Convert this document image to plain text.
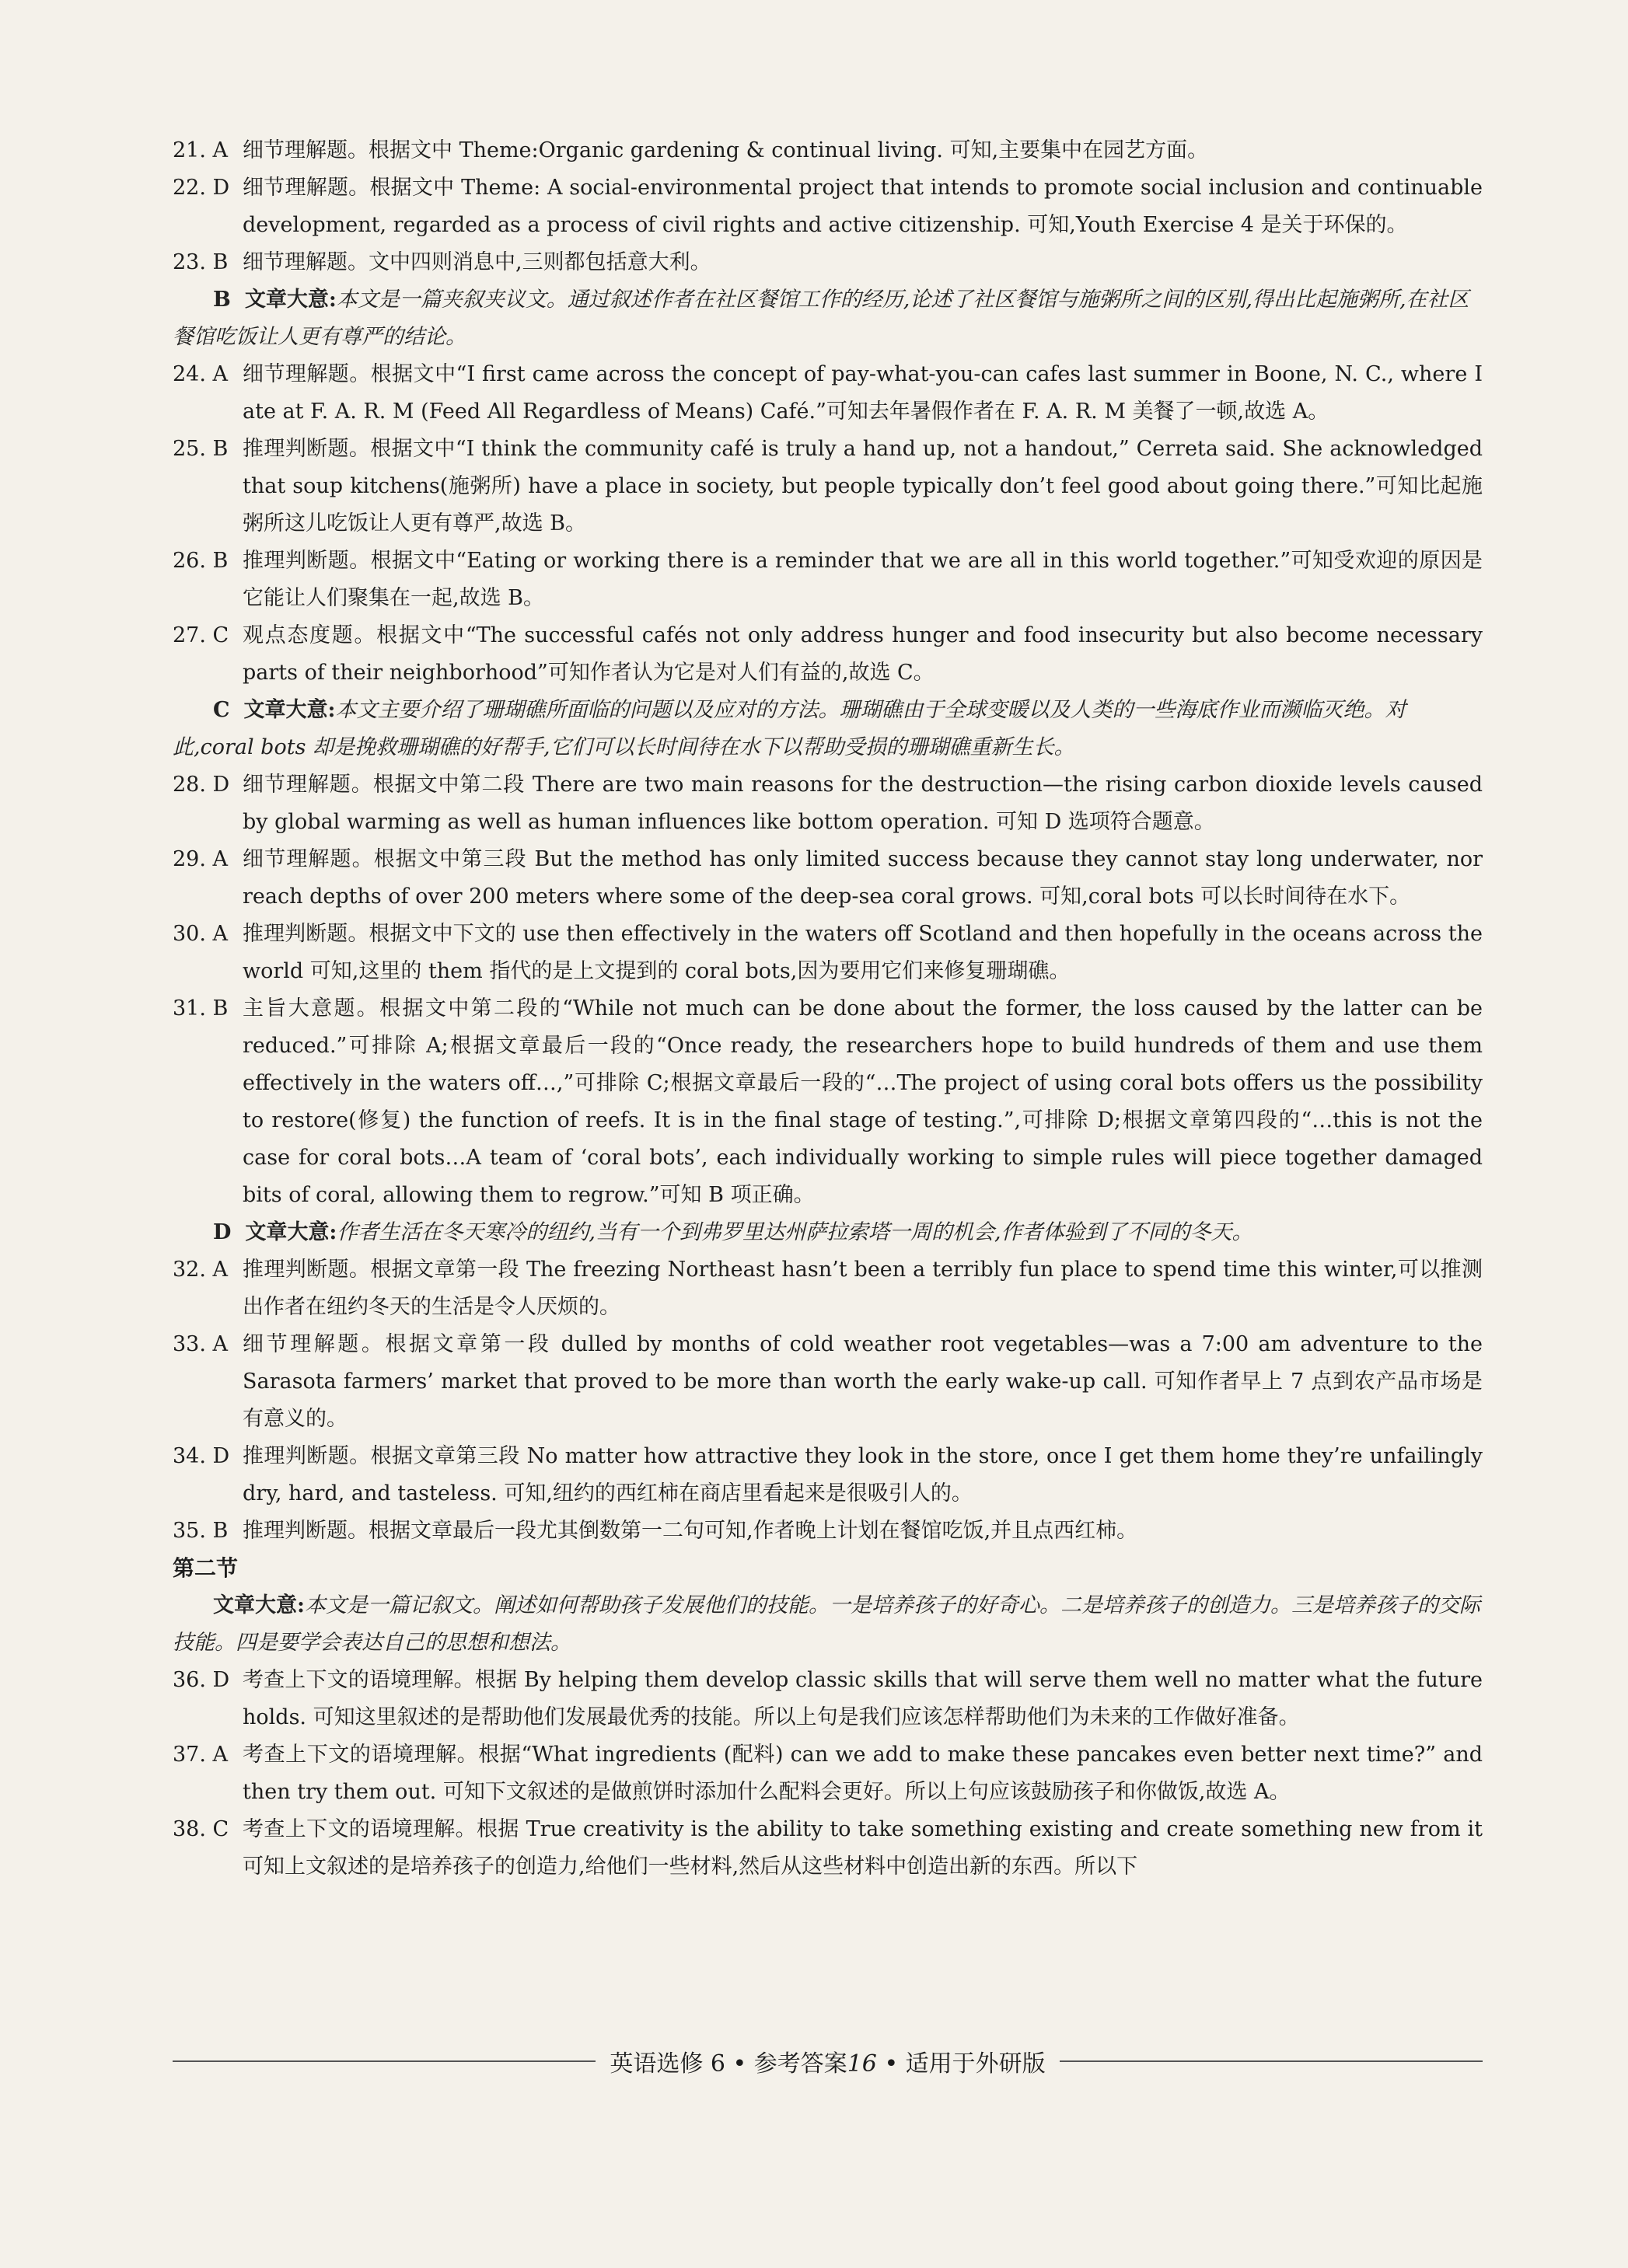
21. A 细节理解题。根据文中 Theme:Organic gardening & continual living. 可知,主要集中在园艺方面。
22. D 细节理解题。根据文中 Theme: A social-environmental project that intends to promote social inclusion and continuable development, regarded as a process of civil rights and active citizenship. 可知,Youth Exercise 4 是关于环保的。
23. B 细节理解题。文中四则消息中,三则都包括意大利。

B 文章大意:本文是一篇夹叙夹议文。通过叙述作者在社区餐馆工作的经历,论述了社区餐馆与施粥所之间的区别,得出比起施粥所,在社区餐馆吃饭让人更有尊严的结论。

24. A 细节理解题。根据文中“I first came across the concept of pay-what-you-can cafes last summer in Boone, N. C., where I ate at F. A. R. M (Feed All Regardless of Means) Café.”可知去年暑假作者在 F. A. R. M 美餐了一顿,故选 A。
25. B 推理判断题。根据文中“I think the community café is truly a hand up, not a handout,” Cerreta said. She acknowledged that soup kitchens(施粥所) have a place in society, but people typically don’t feel good about going there.”可知比起施粥所这儿吃饭让人更有尊严,故选 B。
26. B 推理判断题。根据文中“Eating or working there is a reminder that we are all in this world together.”可知受欢迎的原因是它能让人们聚集在一起,故选 B。
27. C 观点态度题。根据文中“The successful cafés not only address hunger and food insecurity but also become necessary parts of their neighborhood”可知作者认为它是对人们有益的,故选 C。

C 文章大意:本文主要介绍了珊瑚礁所面临的问题以及应对的方法。珊瑚礁由于全球变暖以及人类的一些海底作业而濒临灭绝。对此,coral bots 却是挽救珊瑚礁的好帮手,它们可以长时间待在水下以帮助受损的珊瑚礁重新生长。

28. D 细节理解题。根据文中第二段 There are two main reasons for the destruction—the rising carbon dioxide levels caused by global warming as well as human influences like bottom operation. 可知 D 选项符合题意。
29. A 细节理解题。根据文中第三段 But the method has only limited success because they cannot stay long underwater, nor reach depths of over 200 meters where some of the deep-sea coral grows. 可知,coral bots 可以长时间待在水下。
30. A 推理判断题。根据文中下文的 use then effectively in the waters off Scotland and then hopefully in the oceans across the world 可知,这里的 them 指代的是上文提到的 coral bots,因为要用它们来修复珊瑚礁。
31. B 主旨大意题。根据文中第二段的“While not much can be done about the former, the loss caused by the latter can be reduced.”可排除 A;根据文章最后一段的“Once ready, the researchers hope to build hundreds of them and use them effectively in the waters off…,”可排除 C;根据文章最后一段的“…The project of using coral bots offers us the possibility to restore(修复) the function of reefs. It is in the final stage of testing.”,可排除 D;根据文章第四段的“…this is not the case for coral bots…A team of ‘coral bots’, each individually working to simple rules will piece together damaged bits of coral, allowing them to regrow.”可知 B 项正确。

D 文章大意:作者生活在冬天寒冷的纽约,当有一个到弗罗里达州萨拉索塔一周的机会,作者体验到了不同的冬天。

32. A 推理判断题。根据文章第一段 The freezing Northeast hasn’t been a terribly fun place to spend time this winter,可以推测出作者在纽约冬天的生活是令人厌烦的。
33. A 细节理解题。根据文章第一段 dulled by months of cold weather root vegetables—was a 7:00 am adventure to the Sarasota farmers’ market that proved to be more than worth the early wake-up call. 可知作者早上 7 点到农产品市场是有意义的。
34. D 推理判断题。根据文章第三段 No matter how attractive they look in the store, once I get them home they’re unfailingly dry, hard, and tasteless. 可知,纽约的西红柿在商店里看起来是很吸引人的。
35. B 推理判断题。根据文章最后一段尤其倒数第一二句可知,作者晚上计划在餐馆吃饭,并且点西红柿。

第二节

文章大意:本文是一篇记叙文。阐述如何帮助孩子发展他们的技能。一是培养孩子的好奇心。二是培养孩子的创造力。三是培养孩子的交际技能。四是要学会表达自己的思想和想法。

36. D 考查上下文的语境理解。根据 By helping them develop classic skills that will serve them well no matter what the future holds. 可知这里叙述的是帮助他们发展最优秀的技能。所以上句是我们应该怎样帮助他们为未来的工作做好准备。
37. A 考查上下文的语境理解。根据“What ingredients (配料) can we add to make these pancakes even better next time?” and then try them out. 可知下文叙述的是做煎饼时添加什么配料会更好。所以上句应该鼓励孩子和你做饭,故选 A。
38. C 考查上下文的语境理解。根据 True creativity is the ability to take something existing and create something new from it 可知上文叙述的是培养孩子的创造力,给他们一些材料,然后从这些材料中创造出新的东西。所以下
英语选修 6 • 参考答案16 • 适用于外研版
